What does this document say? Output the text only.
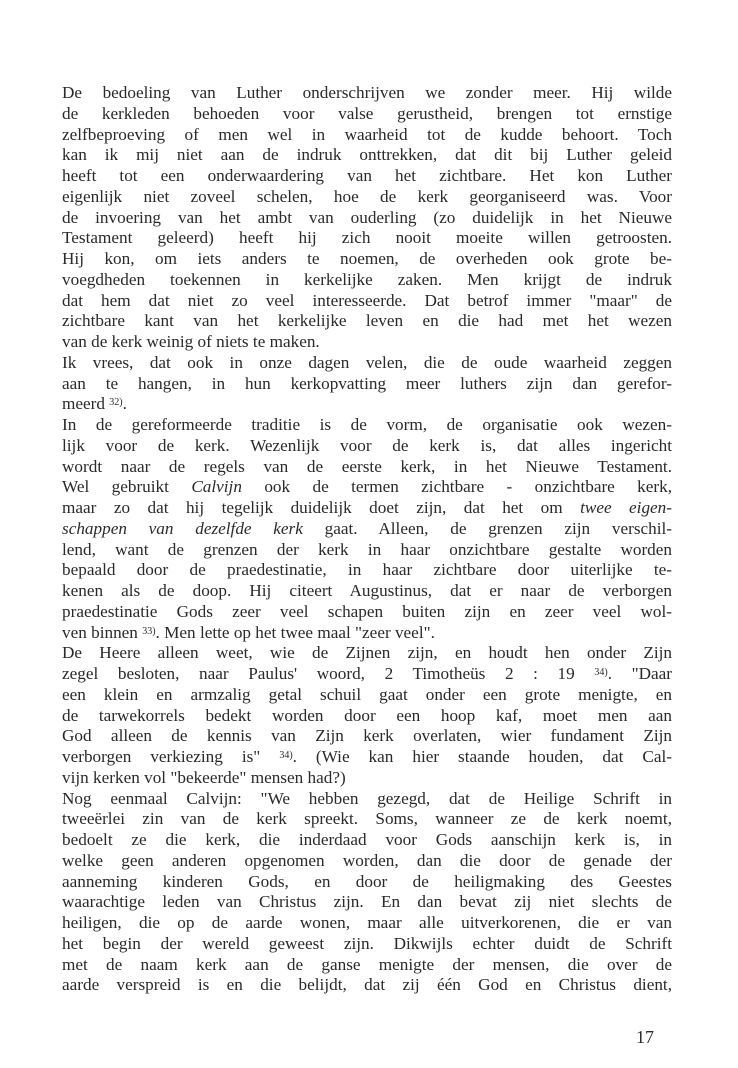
De bedoeling van Luther onderschrijven we zonder meer. Hij wilde
de kerkleden behoeden voor valse gerustheid, brengen tot ernstige
zelfbeproeving of men wel in waarheid tot de kudde behoort. Toch
kan ik mij niet aan de indruk onttrekken, dat dit bij Luther geleid
heeft tot een onderwaardering van het zichtbare. Het kon Luther
eigenlijk niet zoveel schelen, hoe de kerk georganiseerd was. Voor
de invoering van het ambt van ouderling (zo duidelijk in het Nieuwe
Testament geleerd) heeft hij zich nooit moeite willen getroosten.
Hij kon, om iets anders te noemen, de overheden ook grote be-
voegdheden toekennen in kerkelijke zaken. Men krijgt de indruk
dat hem dat niet zo veel interesseerde. Dat betrof immer "maar" de
zichtbare kant van het kerkelijke leven en die had met het wezen
van de kerk weinig of niets te maken.
Ik vrees, dat ook in onze dagen velen, die de oude waarheid zeggen
aan te hangen, in hun kerkopvatting meer luthers zijn dan gerefor-
meerd $^{32)}$.
In de gereformeerde traditie is de vorm, de organisatie ook wezen-
lijk voor de kerk. Wezenlijk voor de kerk is, dat alles ingericht
wordt naar de regels van de eerste kerk, in het Nieuwe Testament.
Wel gebruikt Calvijn ook de termen zichtbare - onzichtbare kerk,
maar zo dat hij tegelijk duidelijk doet zijn, dat het om twee eigen-
schappen van dezelfde kerk gaat. Alleen, de grenzen zijn verschil-
lend, want de grenzen der kerk in haar onzichtbare gestalte worden
bepaald door de praedestinatie, in haar zichtbare door uiterlijke te-
kenen als de doop. Hij citeert Augustinus, dat er naar de verborgen
praedestinatie Gods zeer veel schapen buiten zijn en zeer veel wol-
ven binnen $^{33)}$. Men lette op het twee maal "zeer veel".
De Heere alleen weet, wie de Zijnen zijn, en houdt hen onder Zijn
zegel besloten, naar Paulus' woord, 2 Timotheüs 2 : 19 $^{34)}$. "Daar
een klein en armzalig getal schuil gaat onder een grote menigte, en
de tarwekorrels bedekt worden door een hoop kaf, moet men aan
God alleen de kennis van Zijn kerk overlaten, wier fundament Zijn
verborgen verkiezing is" $^{34)}$. (Wie kan hier staande houden, dat Cal-
vijn kerken vol "bekeerde" mensen had?)
Nog eenmaal Calvijn: "We hebben gezegd, dat de Heilige Schrift in
tweeërlei zin van de kerk spreekt. Soms, wanneer ze de kerk noemt,
bedoelt ze die kerk, die inderdaad voor Gods aanschijn kerk is, in
welke geen anderen opgenomen worden, dan die door de genade der
aanneming kinderen Gods, en door de heiligmaking des Geestes
waarachtige leden van Christus zijn. En dan bevat zij niet slechts de
heiligen, die op de aarde wonen, maar alle uitverkorenen, die er van
het begin der wereld geweest zijn. Dikwijls echter duidt de Schrift
met de naam kerk aan de ganse menigte der mensen, die over de
aarde verspreid is en die belijdt, dat zij één God en Christus dient,
17
